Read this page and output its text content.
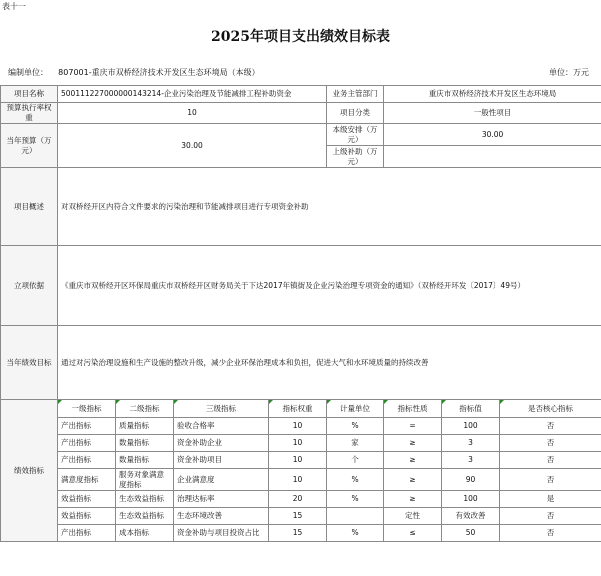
表十一
2025年项目支出绩效目标表
编制单位： 807001-重庆市双桥经济技术开发区生态环境局（本级）	单位：万元
项目名称	500111227000000143214-企业污染治理及节能减排工程补助资金				业务主管部门	重庆市双桥经济技术开发区生态环境局		
预算执行率权重	10				项目分类	一般性项目		
当年预算（万元）	30.00				本级安排（万元）	30.00		
					上级补助（万元）			
项目概述	对双桥经开区内符合文件要求的污染治理和节能减排项目进行专项资金补助							
立项依据	《重庆市双桥经开区环保局重庆市双桥经开区财务局关于下达2017年镇街及企业污染治理专项资金的通知》（双桥经开环发〔2017〕49号）							
当年绩效目标	通过对污染治理设施和生产设施的整改升级，减少企业环保治理成本和负担，促进大气和水环境质量的持续改善							
绩效指标	一级指标	二级指标	三级指标	指标权重	计量单位	指标性质	指标值	是否核心指标
	产出指标	质量指标	验收合格率	10	%	=	100	否
	产出指标	数量指标	资金补助企业	10	家	≥	3	否
	产出指标	数量指标	资金补助项目	10	个	≥	3	否
	满意度指标	服务对象满意度指标	企业满意度	10	%	≥	90	否
	效益指标	生态效益指标	治理达标率	20	%	≥	100	是
	效益指标	生态效益指标	生态环境改善	15		定性	有效改善	否
	产出指标	成本指标	资金补助与项目投资占比	15	%	≤	50	否
